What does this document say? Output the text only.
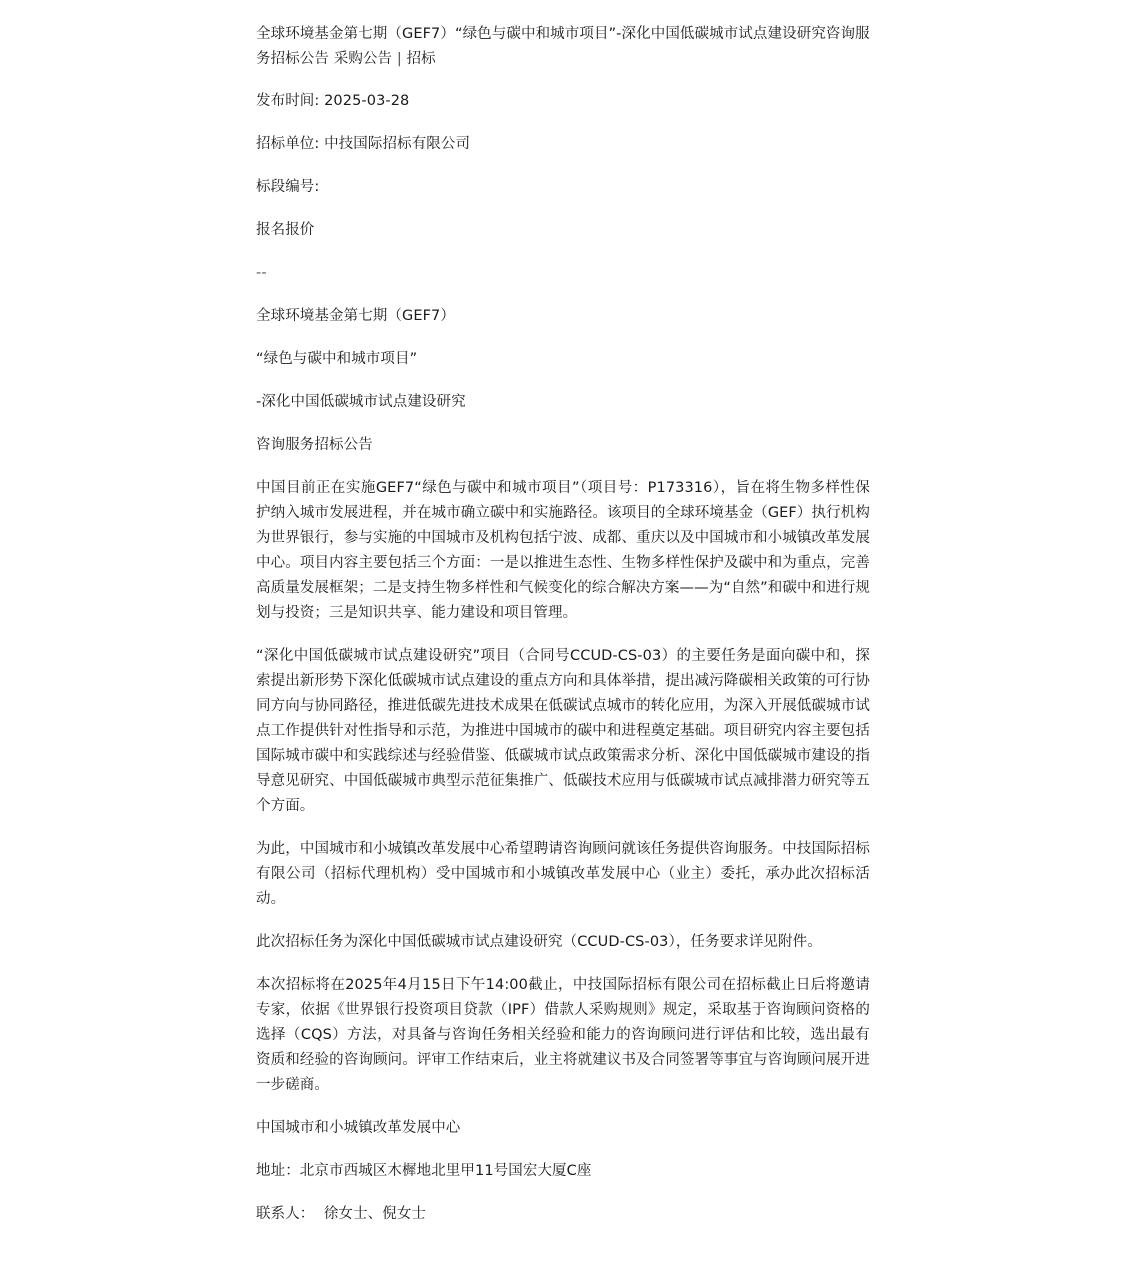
全球环境基金第七期（GEF7）“绿色与碳中和城市项目”-深化中国低碳城市试点建设研究咨询服务招标公告 采购公告 | 招标
发布时间: 2025-03-28
招标单位: 中技国际招标有限公司
标段编号:
报名报价
--
全球环境基金第七期（GEF7）
“绿色与碳中和城市项目”
-深化中国低碳城市试点建设研究
咨询服务招标公告

中国目前正在实施GEF7“绿色与碳中和城市项目”（项目号：P173316），旨在将生物多样性保护纳入城市发展进程，并在城市确立碳中和实施路径。该项目的全球环境基金（GEF）执行机构为世界银行，参与实施的中国城市及机构包括宁波、成都、重庆以及中国城市和小城镇改革发展中心。项目内容主要包括三个方面：一是以推进生态性、生物多样性保护及碳中和为重点，完善高质量发展框架；二是支持生物多样性和气候变化的综合解决方案——为“自然”和碳中和进行规划与投资；三是知识共享、能力建设和项目管理。

“深化中国低碳城市试点建设研究”项目（合同号CCUD-CS-03）的主要任务是面向碳中和，探索提出新形势下深化低碳城市试点建设的重点方向和具体举措，提出减污降碳相关政策的可行协同方向与协同路径，推进低碳先进技术成果在低碳试点城市的转化应用，为深入开展低碳城市试点工作提供针对性指导和示范，为推进中国城市的碳中和进程奠定基础。项目研究内容主要包括国际城市碳中和实践综述与经验借鉴、低碳城市试点政策需求分析、深化中国低碳城市建设的指导意见研究、中国低碳城市典型示范征集推广、低碳技术应用与低碳城市试点减排潜力研究等五个方面。

为此，中国城市和小城镇改革发展中心希望聘请咨询顾问就该任务提供咨询服务。中技国际招标有限公司（招标代理机构）受中国城市和小城镇改革发展中心（业主）委托，承办此次招标活动。

此次招标任务为深化中国低碳城市试点建设研究（CCUD-CS-03），任务要求详见附件。

本次招标将在2025年4月15日下午14:00截止，中技国际招标有限公司在招标截止日后将邀请专家，依据《世界银行投资项目贷款（IPF）借款人采购规则》规定，采取基于咨询顾问资格的选择（CQS）方法，对具备与咨询任务相关经验和能力的咨询顾问进行评估和比较，选出最有资质和经验的咨询顾问。评审工作结束后，业主将就建议书及合同签署等事宜与咨询顾问展开进一步磋商。

中国城市和小城镇改革发展中心
地址：北京市西城区木樨地北里甲11号国宏大厦C座
联系人：  徐女士、倪女士
